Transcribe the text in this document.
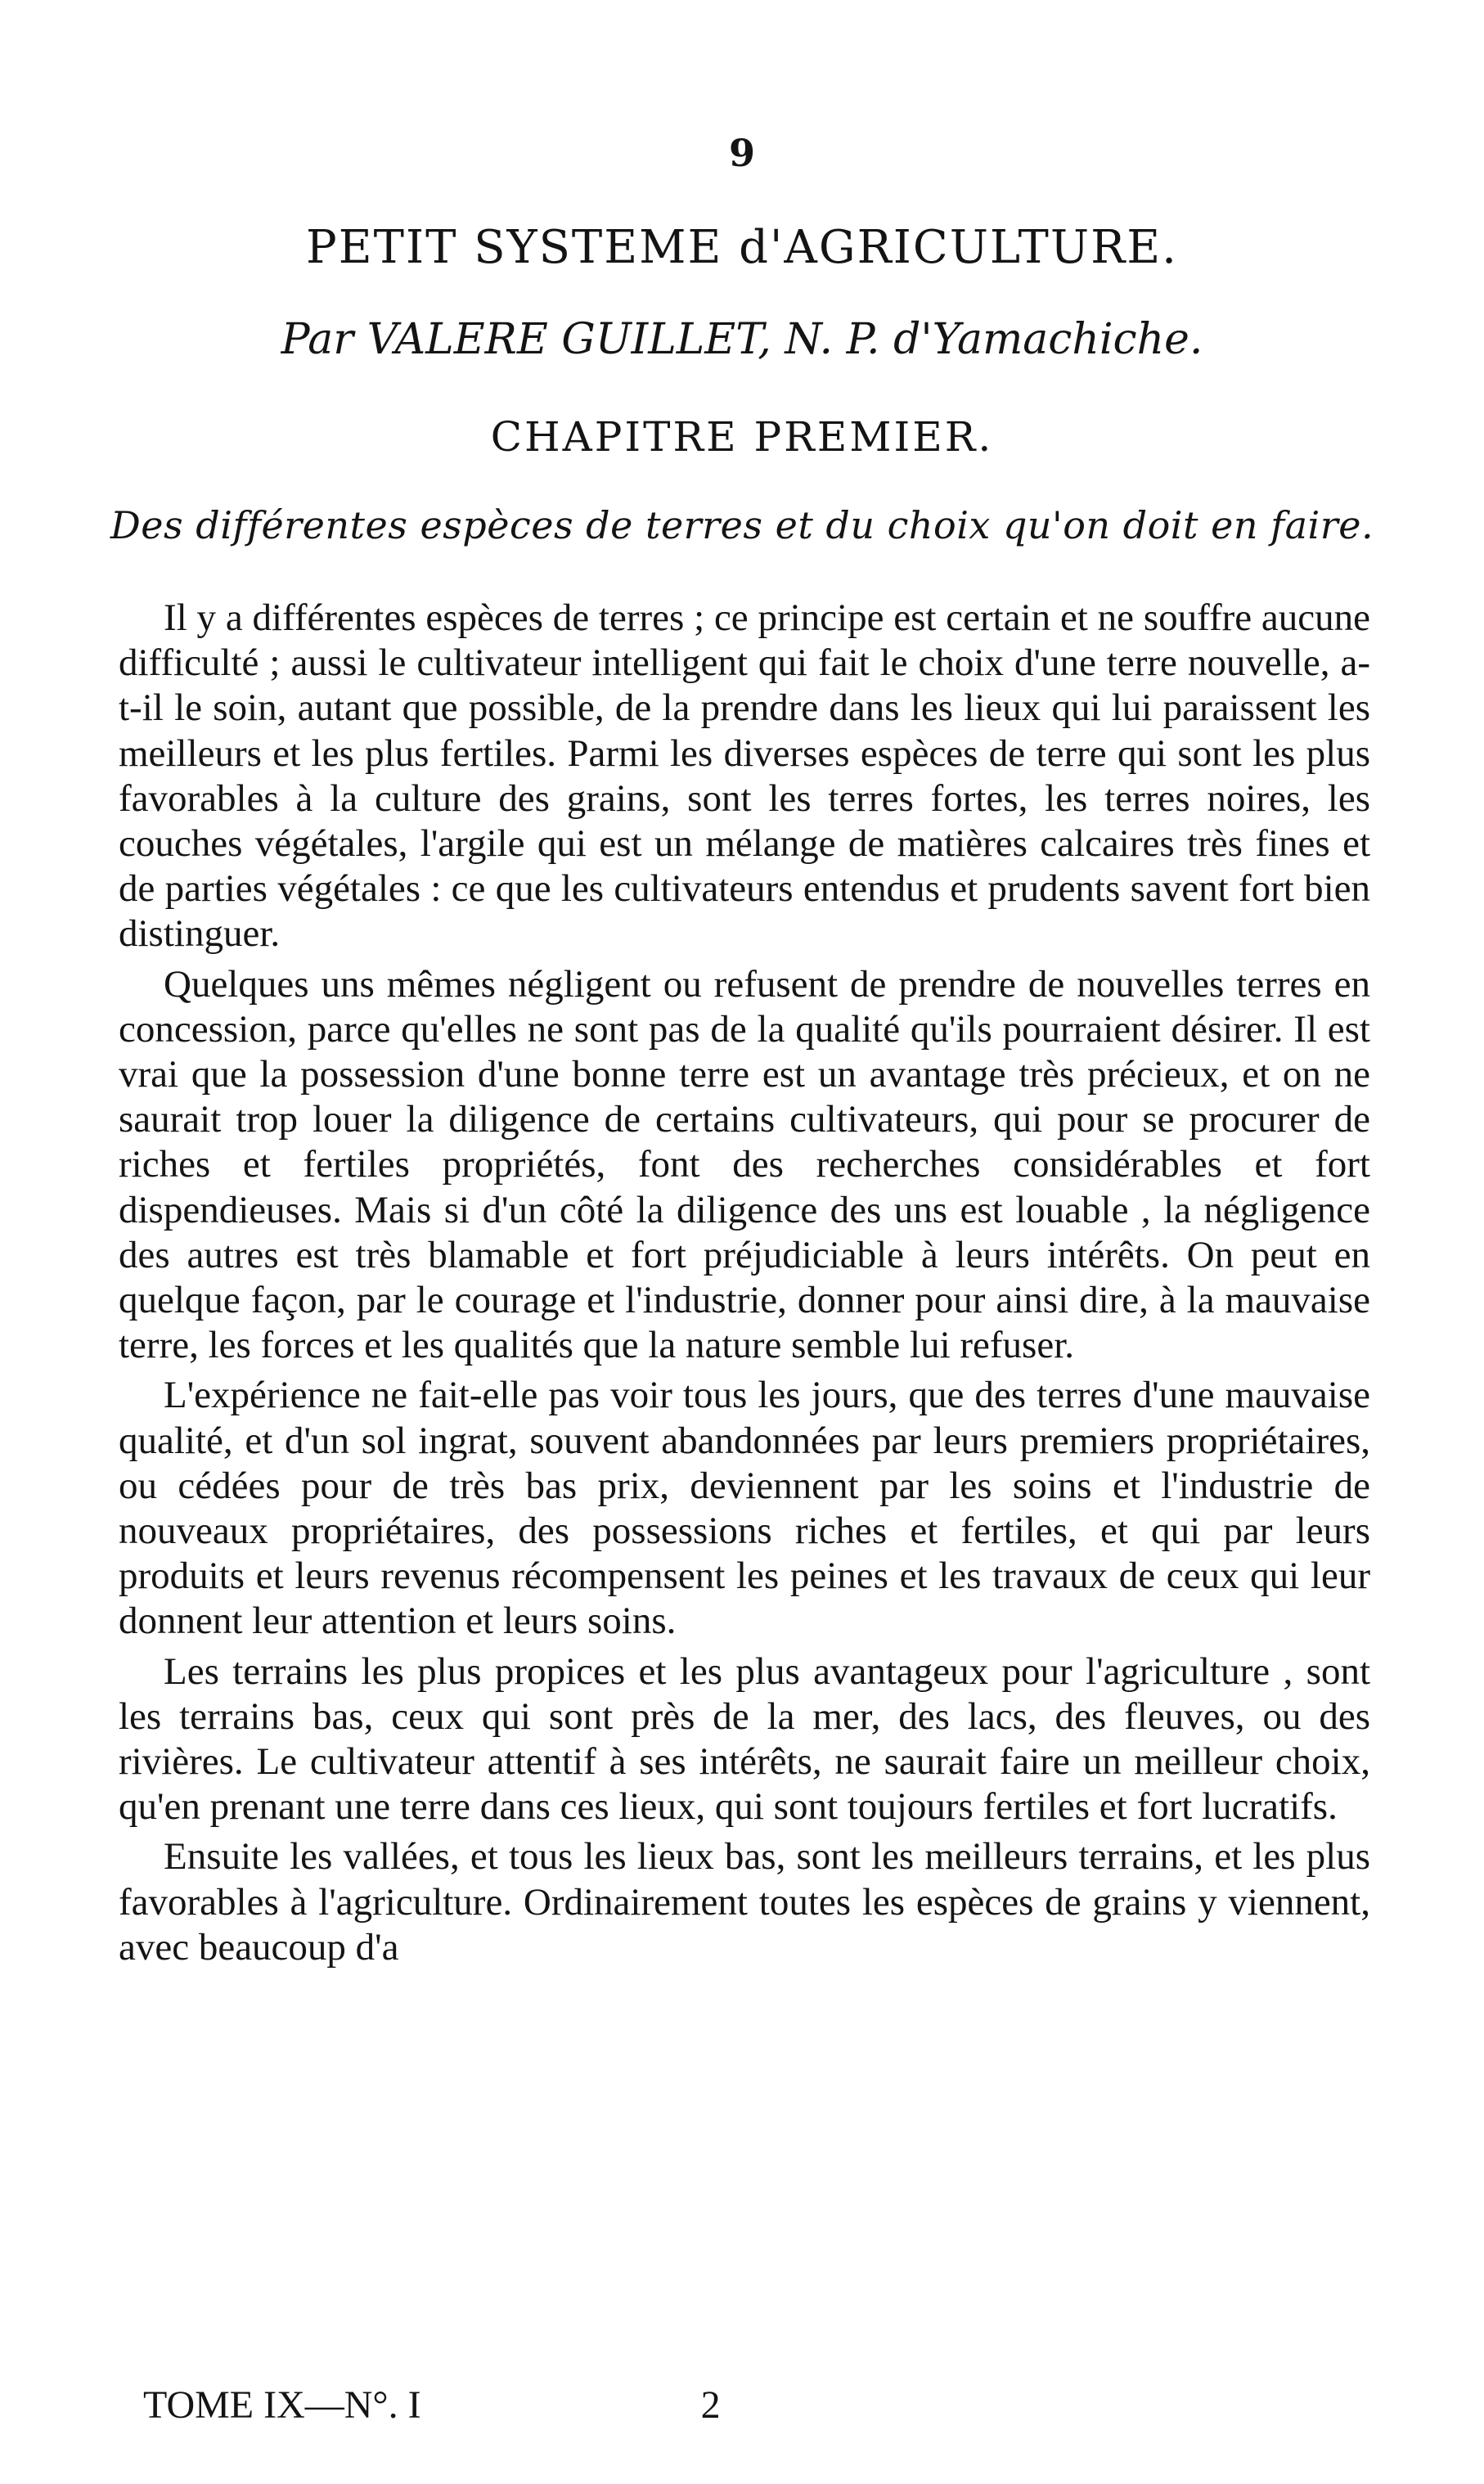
9
PETIT SYSTEME d'AGRICULTURE.
Par VALERE GUILLET, N. P. d'Yamachiche.
CHAPITRE PREMIER.
Des différentes espèces de terres et du choix qu'on doit en faire.

Il y a différentes espèces de terres ; ce principe est certain et ne souffre aucune difficulté ; aussi le cultivateur intelligent qui fait le choix d'une terre nouvelle, a-t-il le soin, autant que possible, de la prendre dans les lieux qui lui paraissent les meilleurs et les plus fertiles. Parmi les diverses espèces de terre qui sont les plus favorables à la culture des grains, sont les terres fortes, les terres noires, les couches végétales, l'argile qui est un mélange de matières calcaires très fines et de parties végétales : ce que les cultivateurs entendus et prudents savent fort bien distinguer.

Quelques uns mêmes négligent ou refusent de prendre de nouvelles terres en concession, parce qu'elles ne sont pas de la qualité qu'ils pourraient désirer. Il est vrai que la possession d'une bonne terre est un avantage très précieux, et on ne saurait trop louer la diligence de certains cultivateurs, qui pour se procurer de riches et fertiles propriétés, font des recherches considérables et fort dispendieuses. Mais si d'un côté la diligence des uns est louable , la négligence des autres est très blamable et fort préjudiciable à leurs intérêts. On peut en quelque façon, par le courage et l'industrie, donner pour ainsi dire, à la mauvaise terre, les forces et les qualités que la nature semble lui refuser.

L'expérience ne fait-elle pas voir tous les jours, que des terres d'une mauvaise qualité, et d'un sol ingrat, souvent abandonnées par leurs premiers propriétaires, ou cédées pour de très bas prix, deviennent par les soins et l'industrie de nouveaux propriétaires, des possessions riches et fertiles, et qui par leurs produits et leurs revenus récompensent les peines et les travaux de ceux qui leur donnent leur attention et leurs soins.

Les terrains les plus propices et les plus avantageux pour l'agriculture , sont les terrains bas, ceux qui sont près de la mer, des lacs, des fleuves, ou des rivières. Le cultivateur attentif à ses intérêts, ne saurait faire un meilleur choix, qu'en prenant une terre dans ces lieux, qui sont toujours fertiles et fort lucratifs.

Ensuite les vallées, et tous les lieux bas, sont les meilleurs terrains, et les plus favorables à l'agriculture. Ordinairement toutes les espèces de grains y viennent, avec beaucoup d'a

TOME IX—N°. I	2
